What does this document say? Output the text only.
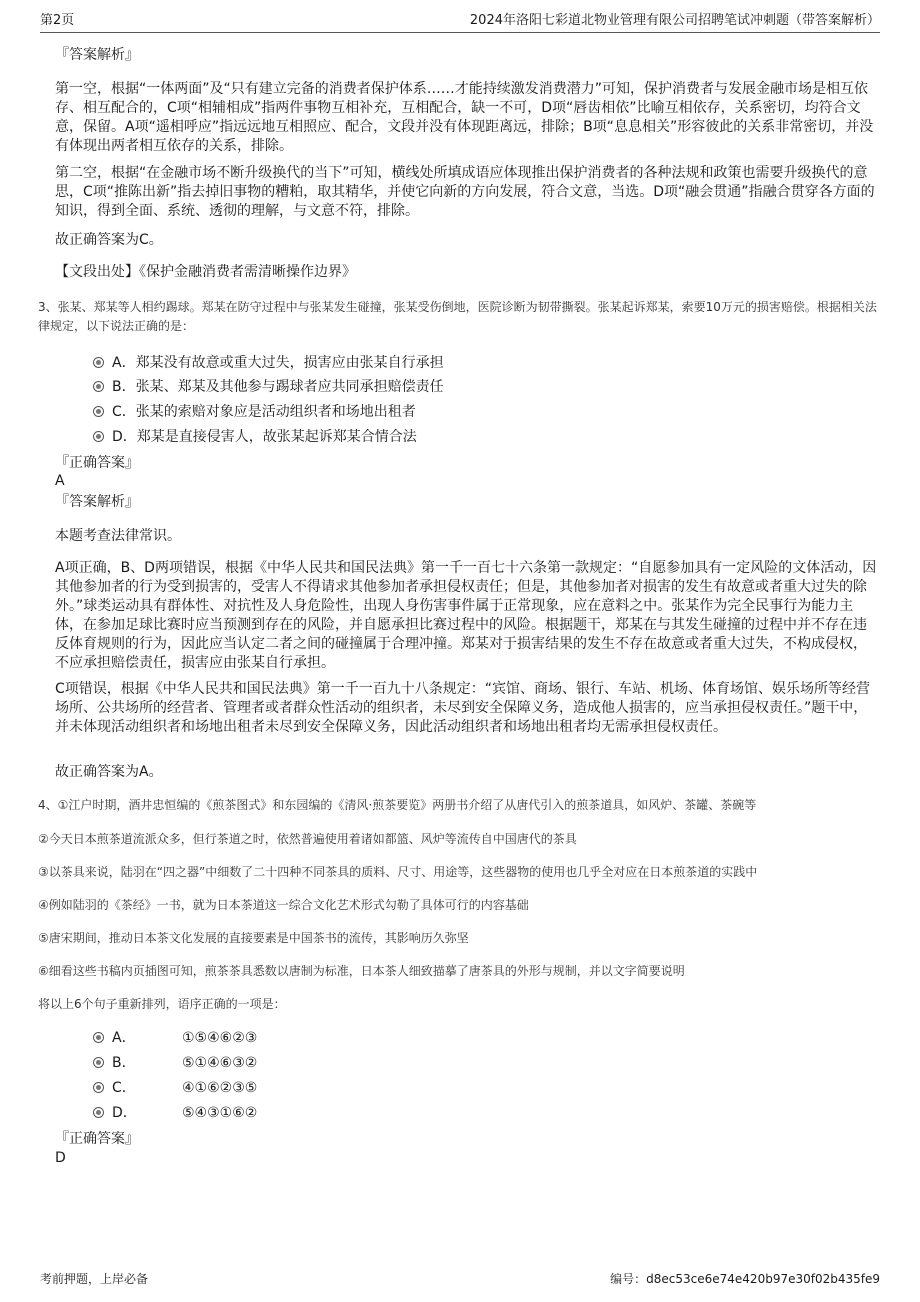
第2页	2024年洛阳七彩道北物业管理有限公司招聘笔试冲刺题（带答案解析）

『答案解析』

第一空，根据“一体两面”及“只有建立完备的消费者保护体系……才能持续激发消费潜力”可知，保护消费者与发展金融市场是相互依存、相互配合的，C项“相辅相成”指两件事物互相补充，互相配合，缺一不可，D项“唇齿相依”比喻互相依存，关系密切，均符合文意，保留。A项“遥相呼应”指远远地互相照应、配合，文段并没有体现距离远，排除；B项“息息相关”形容彼此的关系非常密切，并没有体现出两者相互依存的关系，排除。

第二空，根据“在金融市场不断升级换代的当下”可知，横线处所填成语应体现推出保护消费者的各种法规和政策也需要升级换代的意思，C项“推陈出新”指去掉旧事物的糟粕，取其精华，并使它向新的方向发展，符合文意，当选。D项“融会贯通”指融合贯穿各方面的知识，得到全面、系统、透彻的理解，与文意不符，排除。

故正确答案为C。

【文段出处】《保护金融消费者需清晰操作边界》

3、张某、郑某等人相约踢球。郑某在防守过程中与张某发生碰撞，张某受伤倒地，医院诊断为韧带撕裂。张某起诉郑某，索要10万元的损害赔偿。根据相关法律规定，以下说法正确的是：

A．郑某没有故意或重大过失，损害应由张某自行承担
B．张某、郑某及其他参与踢球者应共同承担赔偿责任
C．张某的索赔对象应是活动组织者和场地出租者
D．郑某是直接侵害人，故张某起诉郑某合情合法

『正确答案』

A

『答案解析』

本题考查法律常识。

A项正确，B、D两项错误，根据《中华人民共和国民法典》第一千一百七十六条第一款规定：“自愿参加具有一定风险的文体活动，因其他参加者的行为受到损害的，受害人不得请求其他参加者承担侵权责任；但是，其他参加者对损害的发生有故意或者重大过失的除外。”球类运动具有群体性、对抗性及人身危险性，出现人身伤害事件属于正常现象，应在意料之中。张某作为完全民事行为能力主体，在参加足球比赛时应当预测到存在的风险，并自愿承担比赛过程中的风险。根据题干，郑某在与其发生碰撞的过程中并不存在违反体育规则的行为，因此应当认定二者之间的碰撞属于合理冲撞。郑某对于损害结果的发生不存在故意或者重大过失，不构成侵权，不应承担赔偿责任，损害应由张某自行承担。

C项错误，根据《中华人民共和国民法典》第一千一百九十八条规定：“宾馆、商场、银行、车站、机场、体育场馆、娱乐场所等经营场所、公共场所的经营者、管理者或者群众性活动的组织者，未尽到安全保障义务，造成他人损害的，应当承担侵权责任。”题干中，并未体现活动组织者和场地出租者未尽到安全保障义务，因此活动组织者和场地出租者均无需承担侵权责任。

故正确答案为A。

4、①江户时期，酒井忠恒编的《煎茶图式》和东园编的《清风·煎茶要览》两册书介绍了从唐代引入的煎茶道具，如风炉、茶罐、茶碗等

②今天日本煎茶道流派众多，但行茶道之时，依然普遍使用着诸如都篮、风炉等流传自中国唐代的茶具

③以茶具来说，陆羽在“四之器”中细数了二十四种不同茶具的质料、尺寸、用途等，这些器物的使用也几乎全对应在日本煎茶道的实践中

④例如陆羽的《茶经》一书，就为日本茶道这一综合文化艺术形式勾勒了具体可行的内容基础

⑤唐宋期间，推动日本茶文化发展的直接要素是中国茶书的流传，其影响历久弥坚

⑥细看这些书稿内页插图可知，煎茶茶具悉数以唐制为标准，日本茶人细致描摹了唐茶具的外形与规制，并以文字简要说明

将以上6个句子重新排列，语序正确的一项是：

A．	①⑤④⑥②③
B．	⑤①④⑥③②
C．	④①⑥②③⑤
D．	⑤④③①⑥②

『正确答案』

D

考前押题，上岸必备	编号：d8ec53ce6e74e420b97e30f02b435fe9
